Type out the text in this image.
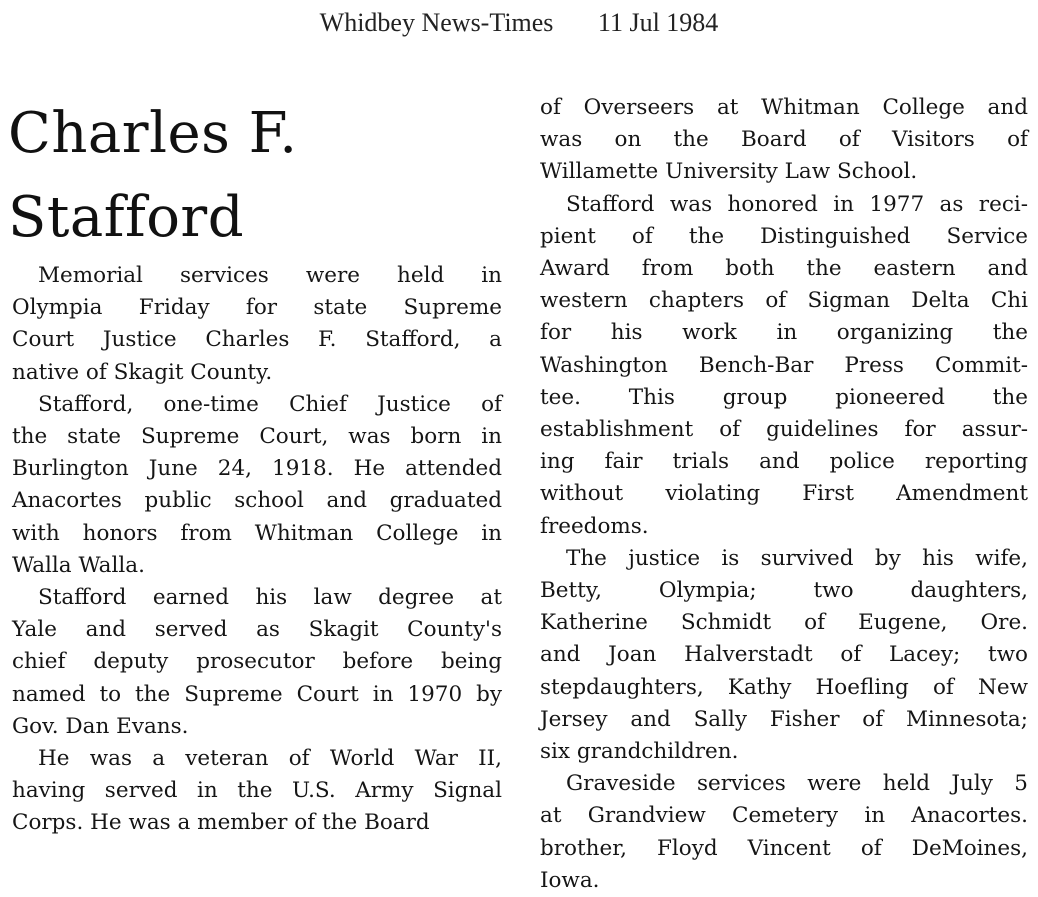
Whidbey News-Times 11 Jul 1984
Charles F.
Stafford

Memorial services were held in
Olympia Friday for state Supreme
Court Justice Charles F. Stafford, a
native of Skagit County.

Stafford, one-time Chief Justice of
the state Supreme Court, was born in
Burlington June 24, 1918. He attended
Anacortes public school and graduated
with honors from Whitman College in
Walla Walla.

Stafford earned his law degree at
Yale and served as Skagit County's
chief deputy prosecutor before being
named to the Supreme Court in 1970 by
Gov. Dan Evans.

He was a veteran of World War II,
having served in the U.S. Army Signal
Corps. He was a member of the Board

of Overseers at Whitman College and
was on the Board of Visitors of
Willamette University Law School.

Stafford was honored in 1977 as reci-
pient of the Distinguished Service
Award from both the eastern and
western chapters of Sigman Delta Chi
for his work in organizing the
Washington Bench-Bar Press Commit-
tee. This group pioneered the
establishment of guidelines for assur-
ing fair trials and police reporting
without violating First Amendment
freedoms.

The justice is survived by his wife,
Betty, Olympia; two daughters,
Katherine Schmidt of Eugene, Ore.
and Joan Halverstadt of Lacey; two
stepdaughters, Kathy Hoefling of New
Jersey and Sally Fisher of Minnesota;
six grandchildren.

Graveside services were held July 5
at Grandview Cemetery in Anacortes.
brother, Floyd Vincent of DeMoines,
Iowa.
